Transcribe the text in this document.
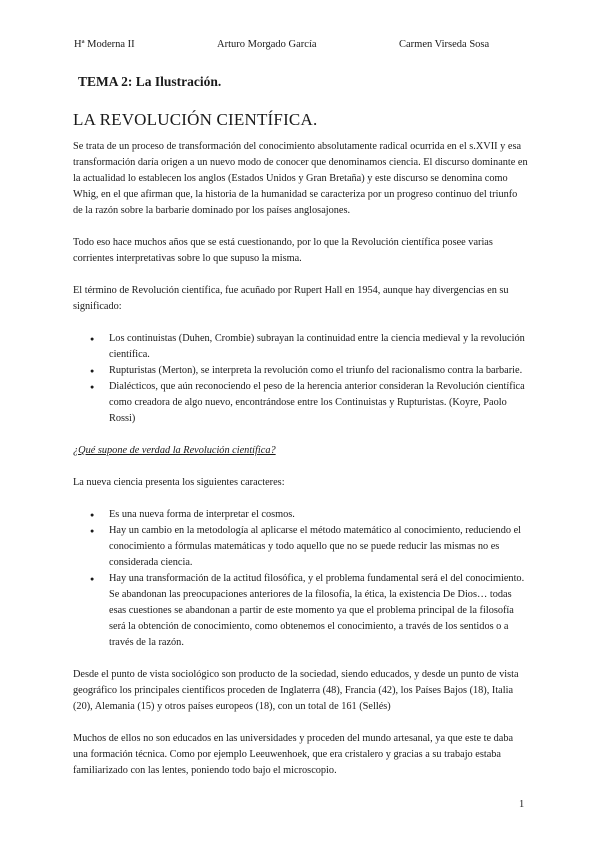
Hª Moderna II	Arturo Morgado García	Carmen Virseda Sosa
TEMA 2: La Ilustración.
LA REVOLUCIÓN CIENTÍFICA.

Se trata de un proceso de transformación del conocimiento absolutamente radical ocurrida en el s.XVII y esa transformación daría origen a un nuevo modo de conocer que denominamos ciencia. El discurso dominante en la actualidad lo establecen los anglos (Estados Unidos y Gran Bretaña) y este discurso se denomina como Whig, en el que afirman que, la historia de la humanidad se caracteriza por un progreso continuo del triunfo de la razón sobre la barbarie dominado por los países anglosajones.

Todo eso hace muchos años que se está cuestionando, por lo que la Revolución científica posee varias corrientes interpretativas sobre lo que supuso la misma.

El término de Revolución científica, fue acuñado por Rupert Hall en 1954, aunque hay divergencias en su significado:

● Los continuistas (Duhen, Crombie) subrayan la continuidad entre la ciencia medieval y la revolución científica.
● Rupturistas (Merton), se interpreta la revolución como el triunfo del racionalismo contra la barbarie.
● Dialécticos, que aún reconociendo el peso de la herencia anterior consideran la Revolución científica como creadora de algo nuevo, encontrándose entre los Continuistas y Rupturistas. (Koyre, Paolo Rossi)

¿Qué supone de verdad la Revolución científica?

La nueva ciencia presenta los siguientes caracteres:

● Es una nueva forma de interpretar el cosmos.
● Hay un cambio en la metodología al aplicarse el método matemático al conocimiento, reduciendo el conocimiento a fórmulas matemáticas y todo aquello que no se puede reducir las mismas no es considerada ciencia.
● Hay una transformación de la actitud filosófica, y el problema fundamental será el del conocimiento. Se abandonan las preocupaciones anteriores de la filosofía, la ética, la existencia De Dios… todas esas cuestiones se abandonan a partir de este momento ya que el problema principal de la filosofía será la obtención de conocimiento, como obtenemos el conocimiento, a través de los sentidos o a través de la razón.

Desde el punto de vista sociológico son producto de la sociedad, siendo educados, y desde un punto de vista geográfico los principales científicos proceden de Inglaterra (48), Francia (42), los Países Bajos (18), Italia (20), Alemania (15) y otros países europeos (18), con un total de 161 (Sellés)

Muchos de ellos no son educados en las universidades y proceden del mundo artesanal, ya que este te daba una formación técnica. Como por ejemplo Leeuwenhoek, que era cristalero y gracias a su trabajo estaba familiarizado con las lentes, poniendo todo bajo el microscopio.

1
